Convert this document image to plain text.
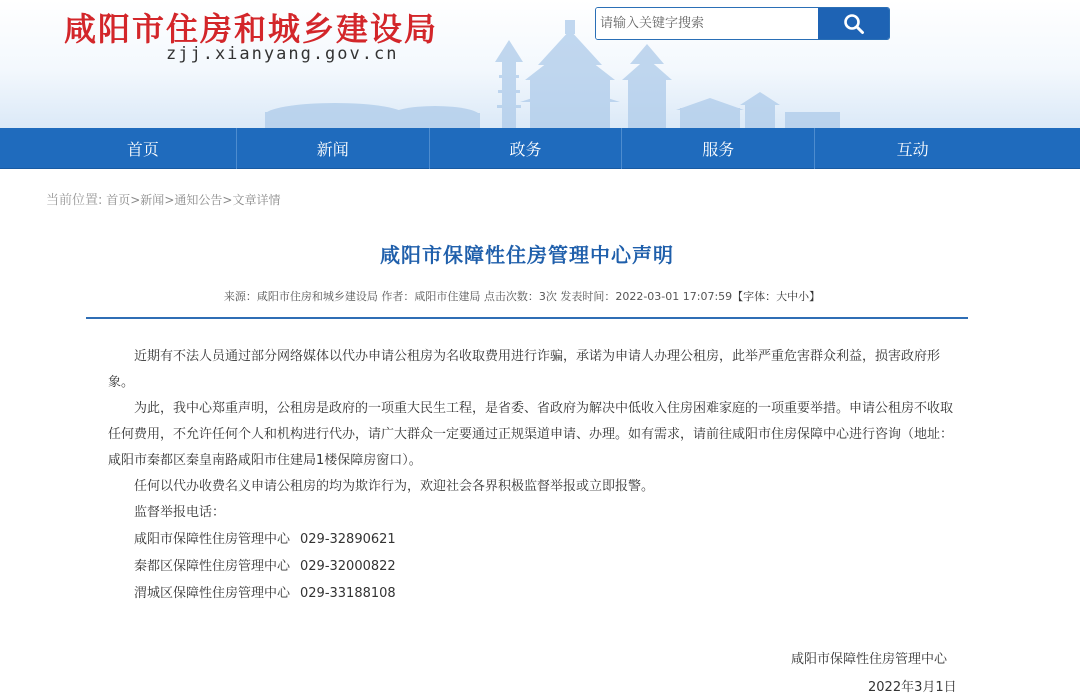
咸阳市住房和城乡建设局
zjj.xianyang.gov.cn
请输入关键字搜索
首页	新闻	政务	服务	互动
当前位置: 首页>新闻>通知公告>文章详情
咸阳市保障性住房管理中心声明
来源：咸阳市住房和城乡建设局 作者：咸阳市住建局 点击次数：3次 发表时间：2022-03-01 17:07:59【字体：大中小】

近期有不法人员通过部分网络媒体以代办申请公租房为名收取费用进行诈骗，承诺为申请人办理公租房，此举严重危害群众利益，损害政府形象。

为此，我中心郑重声明，公租房是政府的一项重大民生工程，是省委、省政府为解决中低收入住房困难家庭的一项重要举措。申请公租房不收取任何费用，不允许任何个人和机构进行代办，请广大群众一定要通过正规渠道申请、办理。如有需求，请前往咸阳市住房保障中心进行咨询（地址：咸阳市秦都区秦皇南路咸阳市住建局1楼保障房窗口）。

任何以代办收费名义申请公租房的均为欺诈行为，欢迎社会各界积极监督举报或立即报警。

监督举报电话：

咸阳市保障性住房管理中心 029-32890621
秦都区保障性住房管理中心 029-32000822
渭城区保障性住房管理中心 029-33188108
咸阳市保障性住房管理中心
2022年3月1日
